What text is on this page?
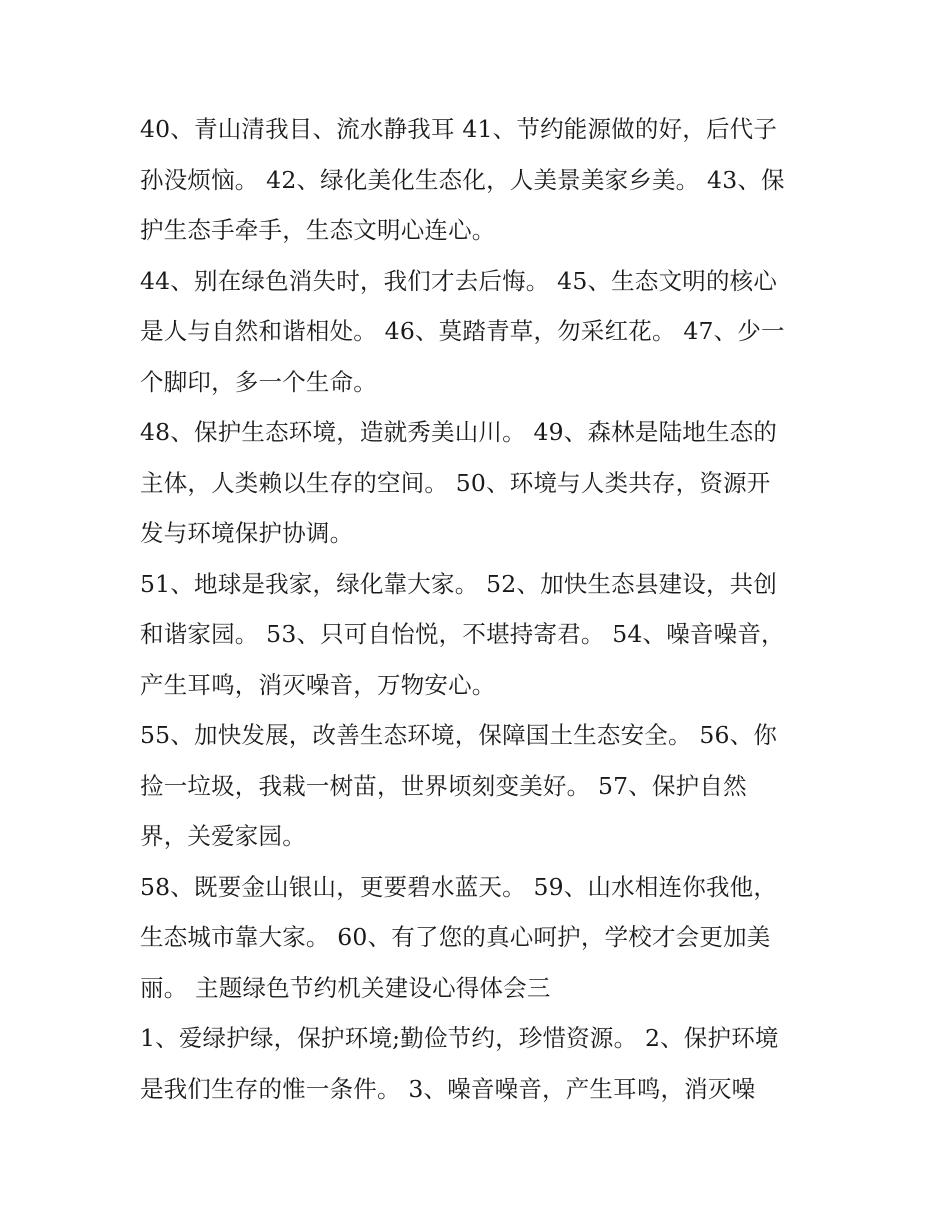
40、青山清我目、流水静我耳 41、节约能源做的好，后代子
孙没烦恼。 42、绿化美化生态化，人美景美家乡美。 43、保
护生态手牵手，生态文明心连心。

44、别在绿色消失时，我们才去后悔。 45、生态文明的核心
是人与自然和谐相处。 46、莫踏青草，勿采红花。 47、少一
个脚印，多一个生命。

48、保护生态环境，造就秀美山川。 49、森林是陆地生态的
主体，人类赖以生存的空间。 50、环境与人类共存，资源开
发与环境保护协调。

51、地球是我家，绿化靠大家。 52、加快生态县建设，共创
和谐家园。 53、只可自怡悦，不堪持寄君。 54、噪音噪音，
产生耳鸣，消灭噪音，万物安心。

55、加快发展，改善生态环境，保障国土生态安全。 56、你
捡一垃圾，我栽一树苗，世界顷刻变美好。 57、保护自然
界，关爱家园。

58、既要金山银山，更要碧水蓝天。 59、山水相连你我他，
生态城市靠大家。 60、有了您的真心呵护，学校才会更加美
丽。 主题绿色节约机关建设心得体会三

1、爱绿护绿，保护环境;勤俭节约，珍惜资源。 2、保护环境
是我们生存的惟一条件。 3、噪音噪音，产生耳鸣，消灭噪
